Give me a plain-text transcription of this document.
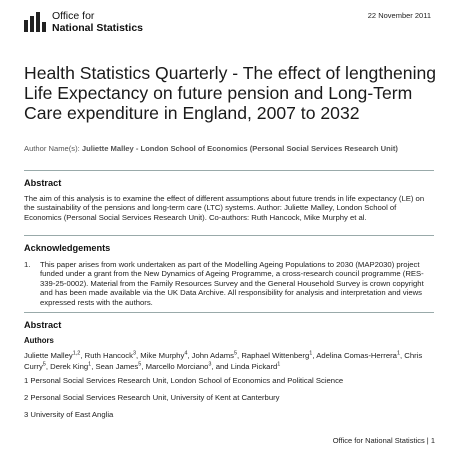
Office for
National Statistics
22 November 2011
Health Statistics Quarterly - The effect of lengthening Life Expectancy on future pension and Long-Term Care expenditure in England, 2007 to 2032
Author Name(s): Juliette Malley - London School of Economics (Personal Social Services Research Unit)
Abstract
The aim of this analysis is to examine the effect of different assumptions about future trends in life expectancy (LE) on the sustainability of the pensions and long-term care (LTC) systems. Author: Juliette Malley, London School of Economics (Personal Social Services Research Unit). Co-authors: Ruth Hancock, Mike Murphy et al.
Acknowledgements
1. This paper arises from work undertaken as part of the Modelling Ageing Populations to 2030 (MAP2030) project funded under a grant from the New Dynamics of Ageing Programme, a cross-research council programme (RES-339-25-0002). Material from the Family Resources Survey and the General Household Survey is crown copyright and has been made available via the UK Data Archive. All responsibility for analysis and interpretation and views expressed rests with the authors.
Abstract
Authors
Juliette Malley$^{1,2}$, Ruth Hancock$^3$, Mike Murphy$^4$, John Adams$^5$, Raphael Wittenberg$^1$, Adelina Comas-Herrera$^1$, Chris Curry$^5$, Derek King$^1$, Sean James$^5$, Marcello Morciano$^3$, and Linda Pickard$^1$
1 Personal Social Services Research Unit, London School of Economics and Political Science
2 Personal Social Services Research Unit, University of Kent at Canterbury
3 University of East Anglia
Office for National Statistics | 1
